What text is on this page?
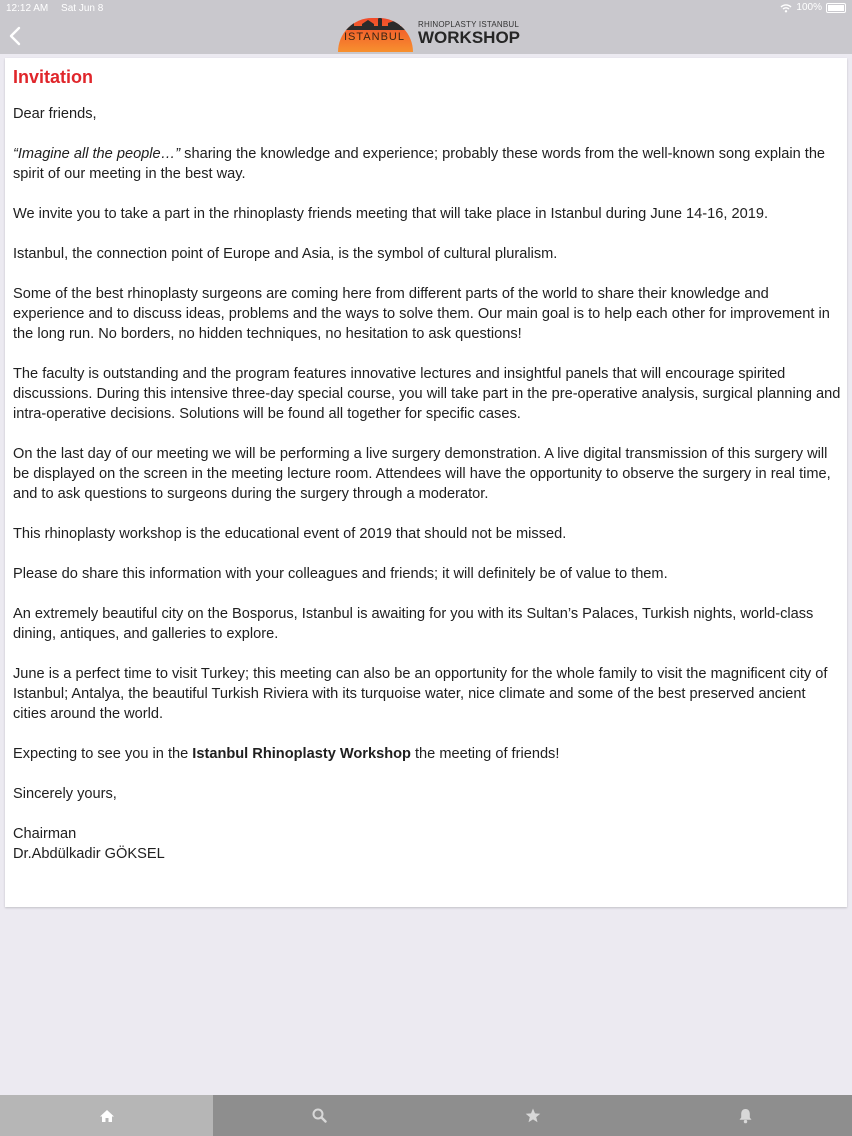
12:12 AM Sat Jun 8	100%
ISTANBUL
RHINOPLASTY ISTANBUL
WORKSHOP
Invitation

Dear friends,

“Imagine all the people…” sharing the knowledge and experience; probably these words from the well-known song explain the spirit of our meeting in the best way.

We invite you to take a part in the rhinoplasty friends meeting that will take place in Istanbul during June 14-16, 2019.

Istanbul, the connection point of Europe and Asia, is the symbol of cultural pluralism.

Some of the best rhinoplasty surgeons are coming here from different parts of the world to share their knowledge and experience and to discuss ideas, problems and the ways to solve them. Our main goal is to help each other for improvement in the long run. No borders, no hidden techniques, no hesitation to ask questions!

The faculty is outstanding and the program features innovative lectures and insightful panels that will encourage spirited discussions. During this intensive three-day special course, you will take part in the pre-operative analysis, surgical planning and intra-operative decisions. Solutions will be found all together for specific cases.

On the last day of our meeting we will be performing a live surgery demonstration. A live digital transmission of this surgery will be displayed on the screen in the meeting lecture room. Attendees will have the opportunity to observe the surgery in real time, and to ask questions to surgeons during the surgery through a moderator.

This rhinoplasty workshop is the educational event of 2019 that should not be missed.

Please do share this information with your colleagues and friends; it will definitely be of value to them.

An extremely beautiful city on the Bosporus, Istanbul is awaiting for you with its Sultan’s Palaces, Turkish nights, world-class dining, antiques, and galleries to explore.

June is a perfect time to visit Turkey; this meeting can also be an opportunity for the whole family to visit the magnificent city of Istanbul; Antalya, the beautiful Turkish Riviera with its turquoise water, nice climate and some of the best preserved ancient cities around the world.

Expecting to see you in the Istanbul Rhinoplasty Workshop the meeting of friends!

Sincerely yours,

Chairman

Dr.Abdülkadir GÖKSEL
